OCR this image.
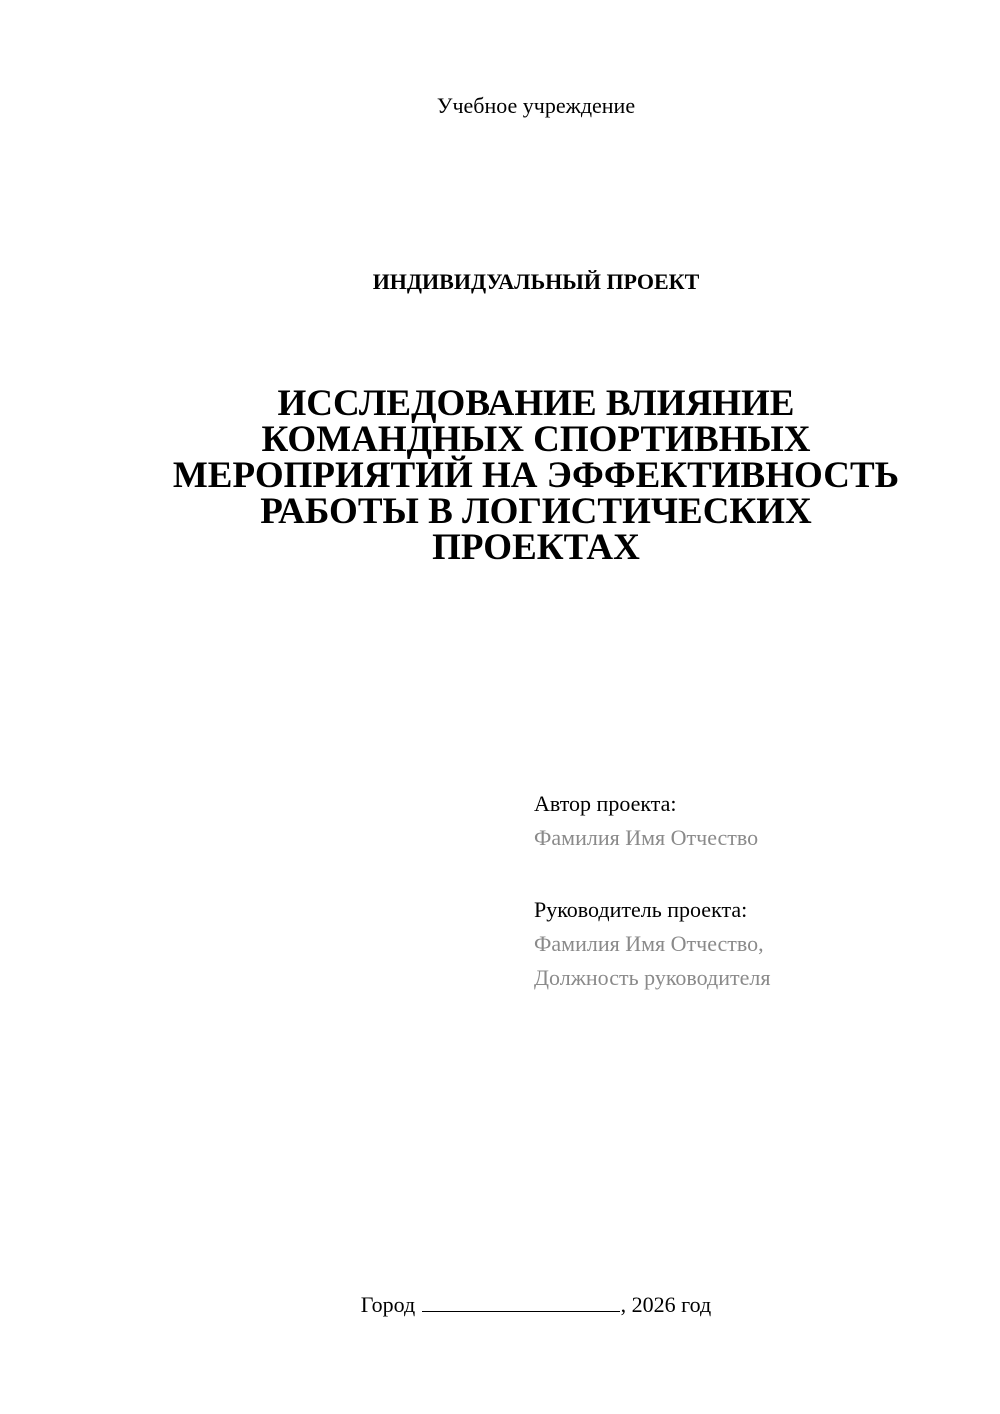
Учебное учреждение
ИНДИВИДУАЛЬНЫЙ ПРОЕКТ
ИССЛЕДОВАНИЕ ВЛИЯНИЕ
КОМАНДНЫХ СПОРТИВНЫХ
МЕРОПРИЯТИЙ НА ЭФФЕКТИВНОСТЬ
РАБОТЫ В ЛОГИСТИЧЕСКИХ
ПРОЕКТАХ
Автор проекта:
Фамилия Имя Отчество
Руководитель проекта:
Фамилия Имя Отчество,
Должность руководителя
Город	, 2026 год
